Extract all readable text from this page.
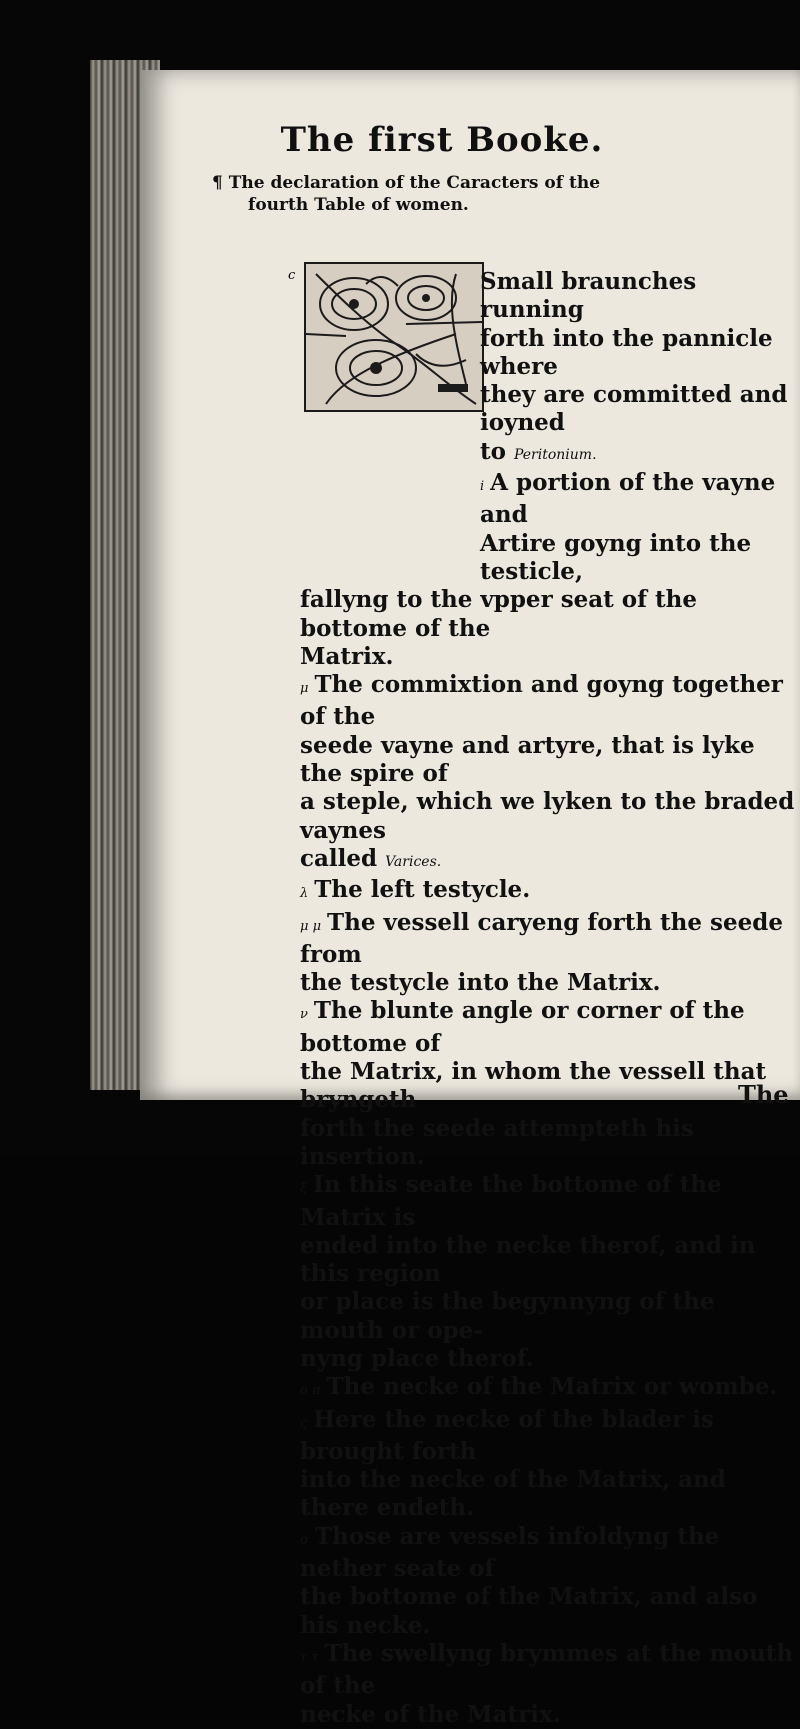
The first Booke.
¶ The declaration of the Caracters of the
fourth Table of women.
c	Small braunches running
forth into the pannicle where
they are committed and ioyned
to Peritonium.

i A portion of the vayne and
Artire goyng into the testicle,
fallyng to the vpper seat of the bottome of the
Matrix.

μ The commixtion and goyng together of the
seede vayne and artyre, that is lyke the spire of
a steple, which we lyken to the braded vaynes
called Varices.

λ The left testycle.

μ μ The vessell caryeng forth the seede from
the testycle into the Matrix.

ν The blunte angle or corner of the bottome of
the Matrix, in whom the vessell that bryngeth
forth the seede attempteth his insertion.

ξ In this seate the bottome of the Matrix is
ended into the necke therof, and in this region
or place is the begynnyng of the mouth or ope-
nyng place therof.

ο π The necke of the Matrix or wombe.

ς Here the necke of the blader is brought forth
into the necke of the Matrix, and there endeth.

σ Those are vessels infoldyng the nether seate of
the bottome of the Matrix, and also his necke.

τ τ The swellyng brymmes at the mouth of the
necke of the Matrix.

The
